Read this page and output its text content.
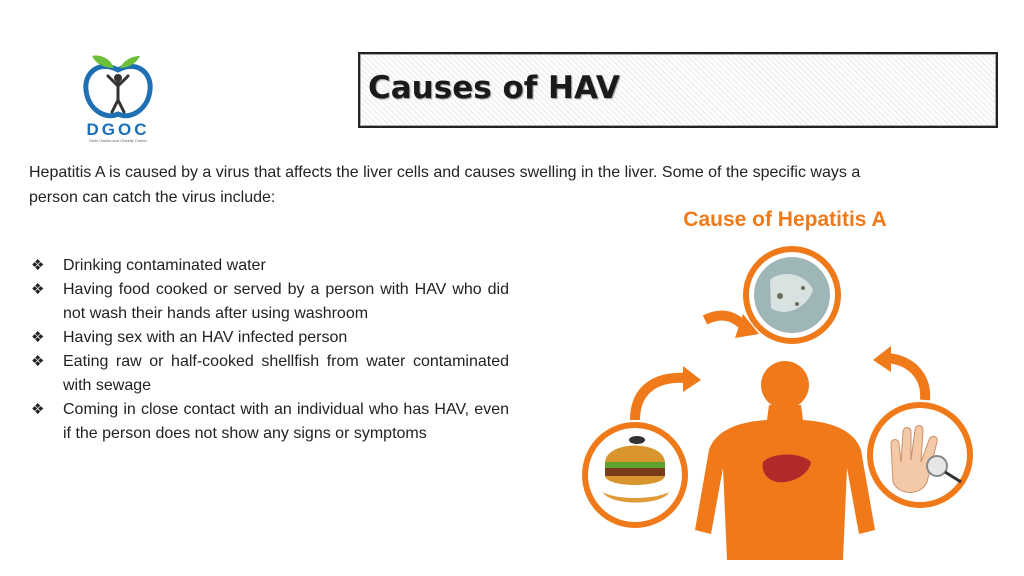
DGOC
Delhi Gastro and Obesity Center
Causes of HAV
Hepatitis A is caused by a virus that affects the liver cells and causes swelling in the liver. Some of the specific ways a person can catch the virus include:
❖ Drinking contaminated water
❖ Having food cooked or served by a person with HAV who did not wash their hands after using washroom
❖ Having sex with an HAV infected person
❖ Eating raw or half-cooked shellfish from water contaminated with sewage
❖ Coming in close contact with an individual who has HAV, even if the person does not show any signs or symptoms
Cause of Hepatitis A
